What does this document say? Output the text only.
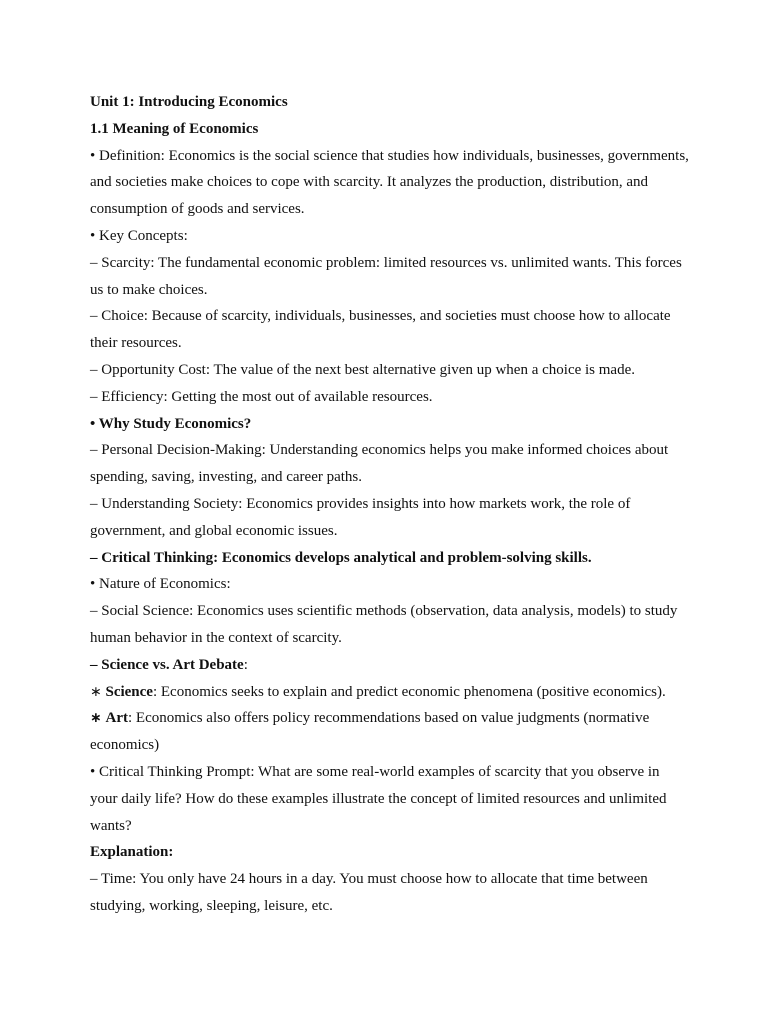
Unit 1: Introducing Economics

1.1 Meaning of Economics

• Definition: Economics is the social science that studies how individuals, businesses, governments, and societies make choices to cope with scarcity. It analyzes the production, distribution, and consumption of goods and services.

• Key Concepts:

– Scarcity: The fundamental economic problem: limited resources vs. unlimited wants. This forces us to make choices.

– Choice: Because of scarcity, individuals, businesses, and societies must choose how to allocate their resources.

– Opportunity Cost: The value of the next best alternative given up when a choice is made.

– Efficiency: Getting the most out of available resources.

• Why Study Economics?

– Personal Decision-Making: Understanding economics helps you make informed choices about spending, saving, investing, and career paths.

– Understanding Society: Economics provides insights into how markets work, the role of government, and global economic issues.

– Critical Thinking: Economics develops analytical and problem-solving skills.

• Nature of Economics:

– Social Science: Economics uses scientific methods (observation, data analysis, models) to study human behavior in the context of scarcity.

– Science vs. Art Debate:

∗ Science: Economics seeks to explain and predict economic phenomena (positive economics).

∗ Art: Economics also offers policy recommendations based on value judgments (normative economics)

• Critical Thinking Prompt: What are some real-world examples of scarcity that you observe in your daily life? How do these examples illustrate the concept of limited resources and unlimited wants?

Explanation:

– Time: You only have 24 hours in a day. You must choose how to allocate that time between studying, working, sleeping, leisure, etc.
